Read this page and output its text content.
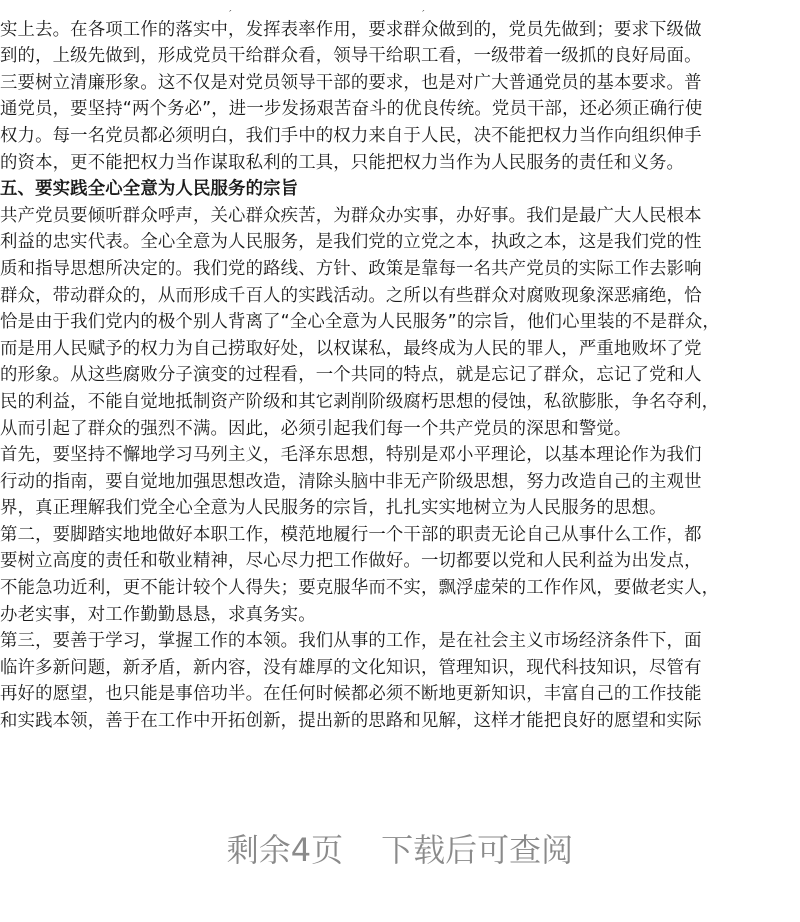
实上去。在各项工作的落实中，发挥表率作用，要求群众做到的，党员先做到；要求下级做
到的，上级先做到，形成党员干给群众看，领导干给职工看，一级带着一级抓的良好局面。
三要树立清廉形象。这不仅是对党员领导干部的要求，也是对广大普通党员的基本要求。普
通党员，要坚持“两个务必”，进一步发扬艰苦奋斗的优良传统。党员干部，还必须正确行使
权力。每一名党员都必须明白，我们手中的权力来自于人民，决不能把权力当作向组织伸手
的资本，更不能把权力当作谋取私利的工具，只能把权力当作为人民服务的责任和义务。
五、要实践全心全意为人民服务的宗旨
共产党员要倾听群众呼声，关心群众疾苦，为群众办实事，办好事。我们是最广大人民根本
利益的忠实代表。全心全意为人民服务，是我们党的立党之本，执政之本，这是我们党的性
质和指导思想所决定的。我们党的路线、方针、政策是靠每一名共产党员的实际工作去影响
群众，带动群众的，从而形成千百人的实践活动。之所以有些群众对腐败现象深恶痛绝，恰
恰是由于我们党内的极个别人背离了“全心全意为人民服务”的宗旨，他们心里装的不是群众，
而是用人民赋予的权力为自己捞取好处，以权谋私，最终成为人民的罪人，严重地败坏了党
的形象。从这些腐败分子演变的过程看，一个共同的特点，就是忘记了群众，忘记了党和人
民的利益，不能自觉地抵制资产阶级和其它剥削阶级腐朽思想的侵蚀，私欲膨胀，争名夺利，
从而引起了群众的强烈不满。因此，必须引起我们每一个共产党员的深思和警觉。
首先，要坚持不懈地学习马列主义，毛泽东思想，特别是邓小平理论，以基本理论作为我们
行动的指南，要自觉地加强思想改造，清除头脑中非无产阶级思想，努力改造自己的主观世
界，真正理解我们党全心全意为人民服务的宗旨，扎扎实实地树立为人民服务的思想。
第二，要脚踏实地地做好本职工作，模范地履行一个干部的职责无论自己从事什么工作，都
要树立高度的责任和敬业精神，尽心尽力把工作做好。一切都要以党和人民利益为出发点，
不能急功近利，更不能计较个人得失；要克服华而不实，飘浮虚荣的工作作风，要做老实人，
办老实事，对工作勤勤恳恳，求真务实。
第三，要善于学习，掌握工作的本领。我们从事的工作，是在社会主义市场经济条件下，面
临许多新问题，新矛盾，新内容，没有雄厚的文化知识，管理知识，现代科技知识，尽管有
再好的愿望，也只能是事倍功半。在任何时候都必须不断地更新知识，丰富自己的工作技能
和实践本领，善于在工作中开拓创新，提出新的思路和见解，这样才能把良好的愿望和实际
剩余4页 下载后可查阅
